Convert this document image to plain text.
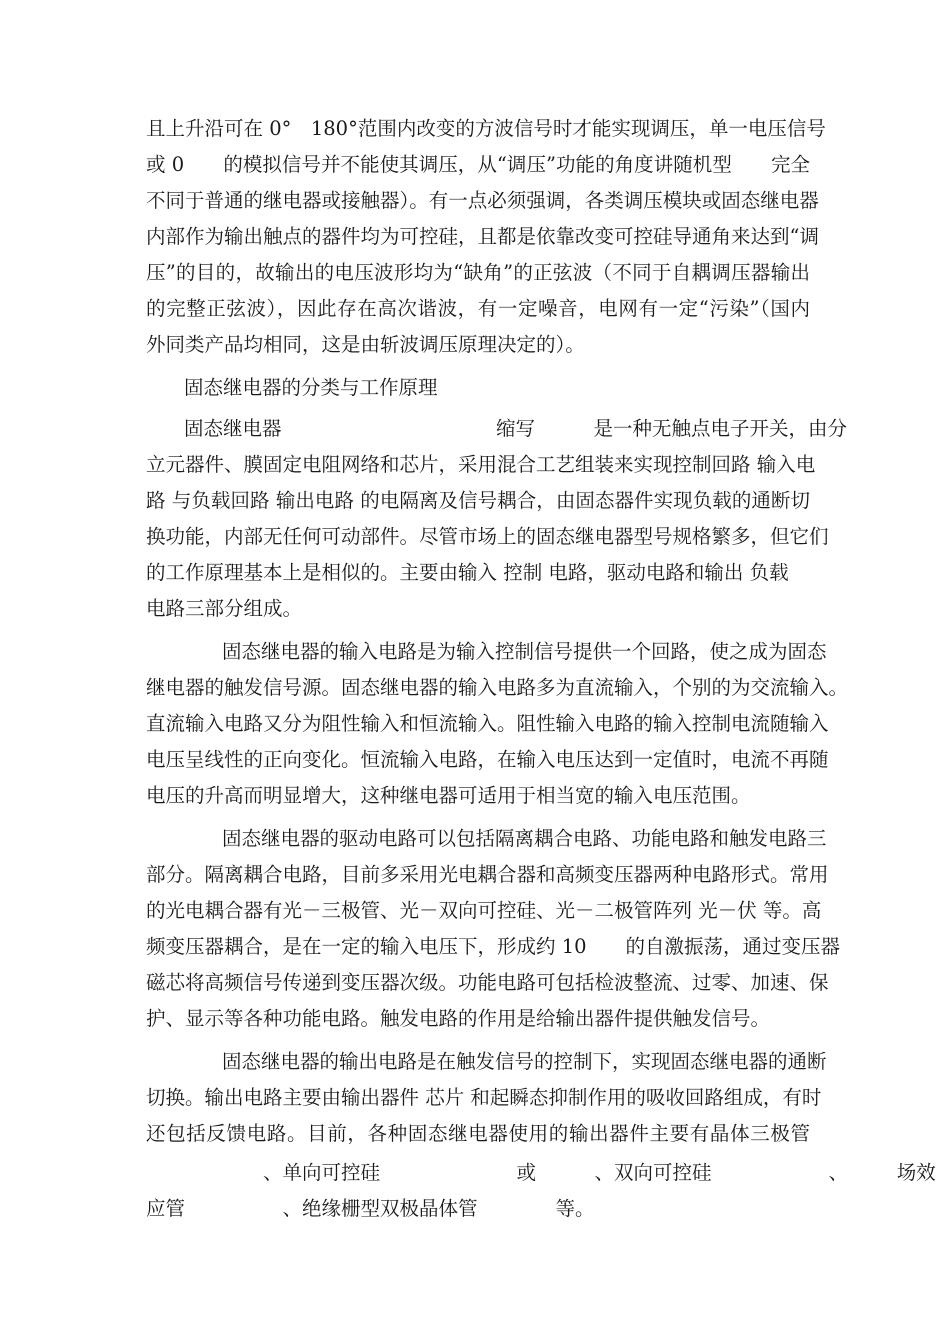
且上升沿可在 0°　180°范围内改变的方波信号时才能实现调压，单一电压信号
或 0　　的模拟信号并不能使其调压，从“调压”功能的角度讲随机型　　完全
不同于普通的继电器或接触器）。有一点必须强调，各类调压模块或固态继电器
内部作为输出触点的器件均为可控硅，且都是依靠改变可控硅导通角来达到“调
压”的目的，故输出的电压波形均为“缺角”的正弦波（不同于自耦调压器输出
的完整正弦波），因此存在高次谐波，有一定噪音，电网有一定“污染”（国内
外同类产品均相同，这是由斩波调压原理决定的）。
固态继电器的分类与工作原理
固态继电器　　　　　　　　　　　缩写　　　是一种无触点电子开关，由分
立元器件、膜固定电阻网络和芯片，采用混合工艺组装来实现控制回路 输入电
路 与负载回路 输出电路 的电隔离及信号耦合，由固态器件实现负载的通断切
换功能，内部无任何可动部件。尽管市场上的固态继电器型号规格繁多，但它们
的工作原理基本上是相似的。主要由输入 控制 电路，驱动电路和输出 负载
电路三部分组成。
固态继电器的输入电路是为输入控制信号提供一个回路，使之成为固态
继电器的触发信号源。固态继电器的输入电路多为直流输入，个别的为交流输入。
直流输入电路又分为阻性输入和恒流输入。阻性输入电路的输入控制电流随输入
电压呈线性的正向变化。恒流输入电路，在输入电压达到一定值时，电流不再随
电压的升高而明显增大，这种继电器可适用于相当宽的输入电压范围。
固态继电器的驱动电路可以包括隔离耦合电路、功能电路和触发电路三
部分。隔离耦合电路，目前多采用光电耦合器和高频变压器两种电路形式。常用
的光电耦合器有光－三极管、光－双向可控硅、光－二极管阵列 光－伏 等。高
频变压器耦合，是在一定的输入电压下，形成约 10　　的自激振荡，通过变压器
磁芯将高频信号传递到变压器次级。功能电路可包括检波整流、过零、加速、保
护、显示等各种功能电路。触发电路的作用是给输出器件提供触发信号。
固态继电器的输出电路是在触发信号的控制下，实现固态继电器的通断
切换。输出电路主要由输出器件 芯片 和起瞬态抑制作用的吸收回路组成，有时
还包括反馈电路。目前，各种固态继电器使用的输出器件主要有晶体三极管
　　　　　　、单向可控硅　　　　　　　或　　　、双向可控硅　　　　　　、　　　场效
应管　　　　　、绝缘栅型双极晶体管　　　　等。
